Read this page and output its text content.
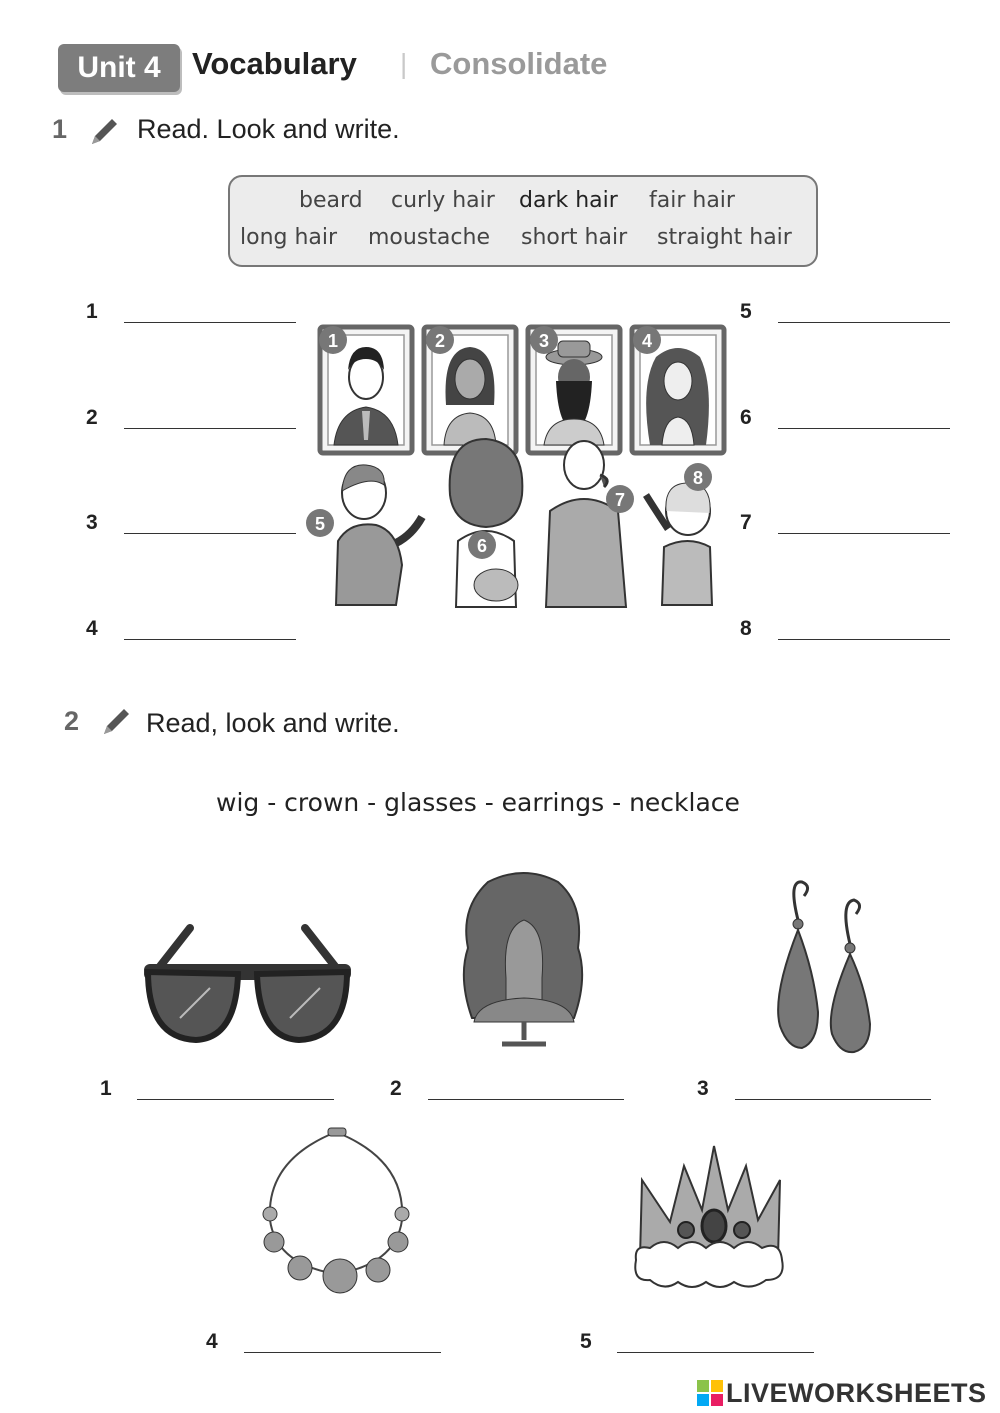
Unit 4	Vocabulary | Consolidate
1	Read. Look and write.
beard curly hair dark hair fair hair
long hair moustache short hair straight hair
1
2
3
4
5
6
7
8
1	2	3	4
5
6
7
8
2 Read, look and write.
wig - crown - glasses - earrings - necklace
1	2	3
4	5
LIVEWORKSHEETS
